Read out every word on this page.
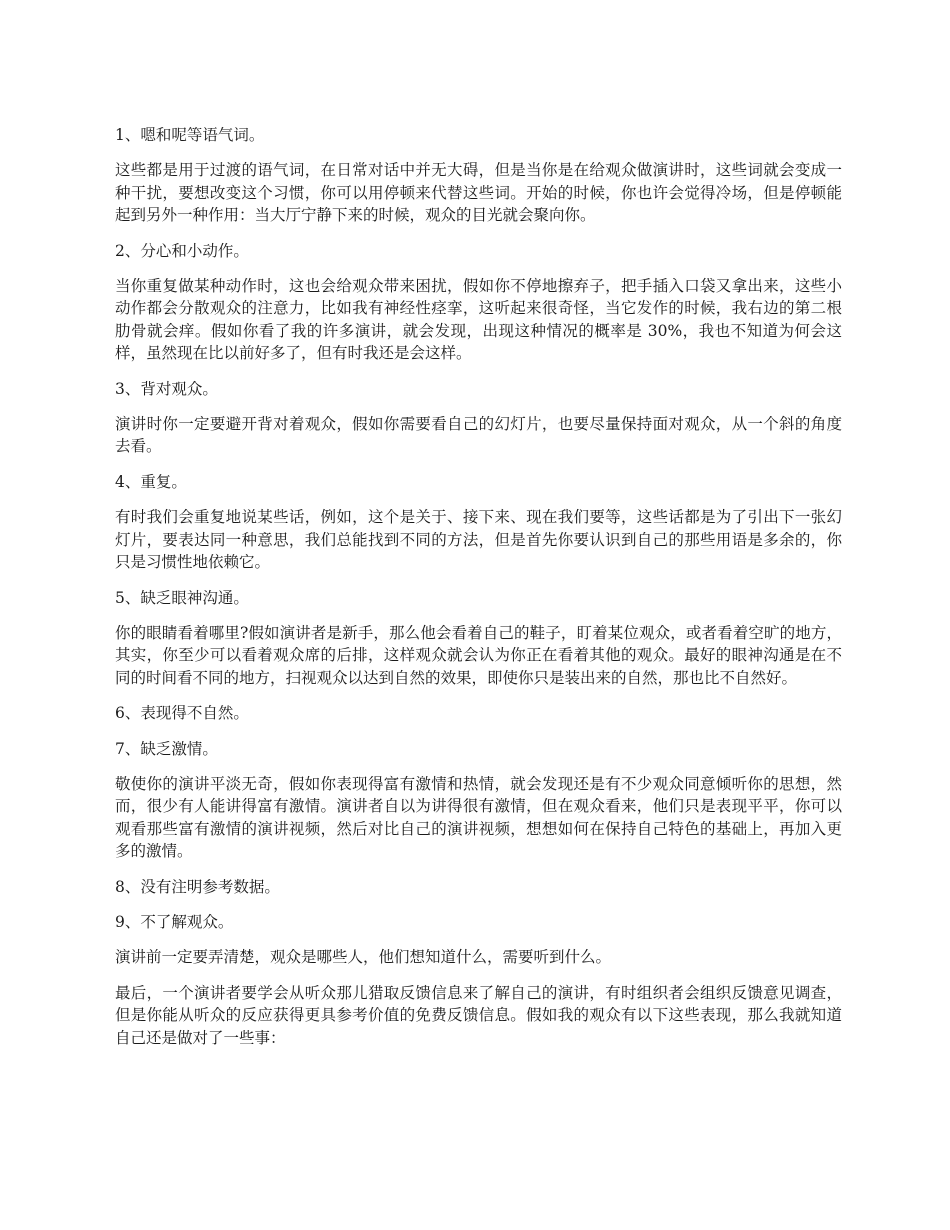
1、嗯和呢等语气词。

这些都是用于过渡的语气词，在日常对话中并无大碍，但是当你是在给观众做演讲时，这些词就会变成一种干扰，要想改变这个习惯，你可以用停顿来代替这些词。开始的时候，你也许会觉得冷场，但是停顿能起到另外一种作用：当大厅宁静下来的时候，观众的目光就会聚向你。

2、分心和小动作。

当你重复做某种动作时，这也会给观众带来困扰，假如你不停地擦弃子，把手插入口袋又拿出来，这些小动作都会分散观众的注意力，比如我有神经性痉挛，这听起来很奇怪，当它发作的时候，我右边的第二根肋骨就会痒。假如你看了我的许多演讲，就会发现，出现这种情况的概率是 30%，我也不知道为何会这样，虽然现在比以前好多了，但有时我还是会这样。

3、背对观众。

演讲时你一定要避开背对着观众，假如你需要看自己的幻灯片，也要尽量保持面对观众，从一个斜的角度去看。

4、重复。

有时我们会重复地说某些话，例如，这个是关于、接下来、现在我们要等，这些话都是为了引出下一张幻灯片，要表达同一种意思，我们总能找到不同的方法，但是首先你要认识到自己的那些用语是多余的，你只是习惯性地依赖它。

5、缺乏眼神沟通。

你的眼睛看着哪里?假如演讲者是新手，那么他会看着自己的鞋子，盯着某位观众，或者看着空旷的地方，其实，你至少可以看着观众席的后排，这样观众就会认为你正在看着其他的观众。最好的眼神沟通是在不同的时间看不同的地方，扫视观众以达到自然的效果，即使你只是装出来的自然，那也比不自然好。

6、表现得不自然。

7、缺乏激情。

敬使你的演讲平淡无奇，假如你表现得富有激情和热情，就会发现还是有不少观众同意倾听你的思想，然而，很少有人能讲得富有激情。演讲者自以为讲得很有激情，但在观众看来，他们只是表现平平，你可以观看那些富有激情的演讲视频，然后对比自己的演讲视频，想想如何在保持自己特色的基础上，再加入更多的激情。

8、没有注明参考数据。

9、不了解观众。

演讲前一定要弄清楚，观众是哪些人，他们想知道什么，需要听到什么。

最后，一个演讲者要学会从听众那儿猎取反馈信息来了解自己的演讲，有时组织者会组织反馈意见调查，但是你能从听众的反应获得更具参考价值的免费反馈信息。假如我的观众有以下这些表现，那么我就知道自己还是做对了一些事：
